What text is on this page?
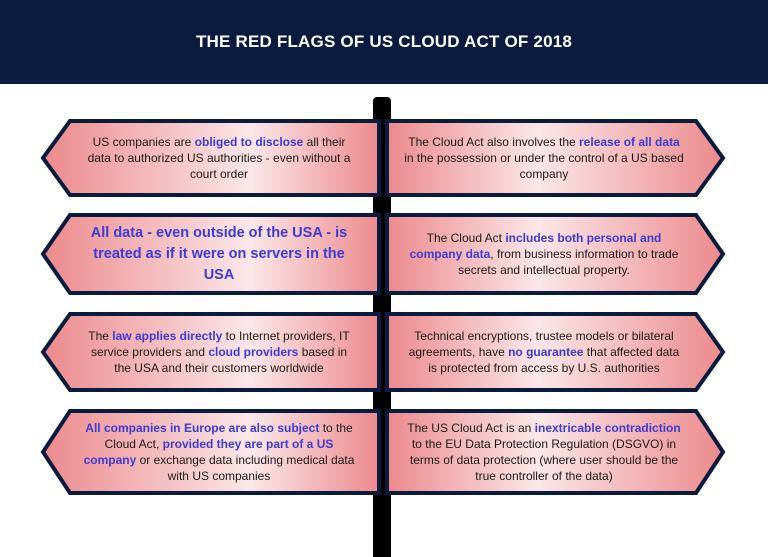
THE RED FLAGS OF US CLOUD ACT OF 2018
US companies are obliged to disclose all their data to authorized US authorities - even without a court order
The Cloud Act also involves the release of all data in the possession or under the control of a US based company
All data - even outside of the USA - is treated as if it were on servers in the USA
The Cloud Act includes both personal and company data, from business information to trade secrets and intellectual property.
The law applies directly to Internet providers, IT service providers and cloud providers based in the USA and their customers worldwide
Technical encryptions, trustee models or bilateral agreements, have no guarantee that affected data is protected from access by U.S. authorities
All companies in Europe are also subject to the Cloud Act, provided they are part of a US company or exchange data including medical data with US companies
The US Cloud Act is an inextricable contradiction to the EU Data Protection Regulation (DSGVO) in terms of data protection (where user should be the true controller of the data)
